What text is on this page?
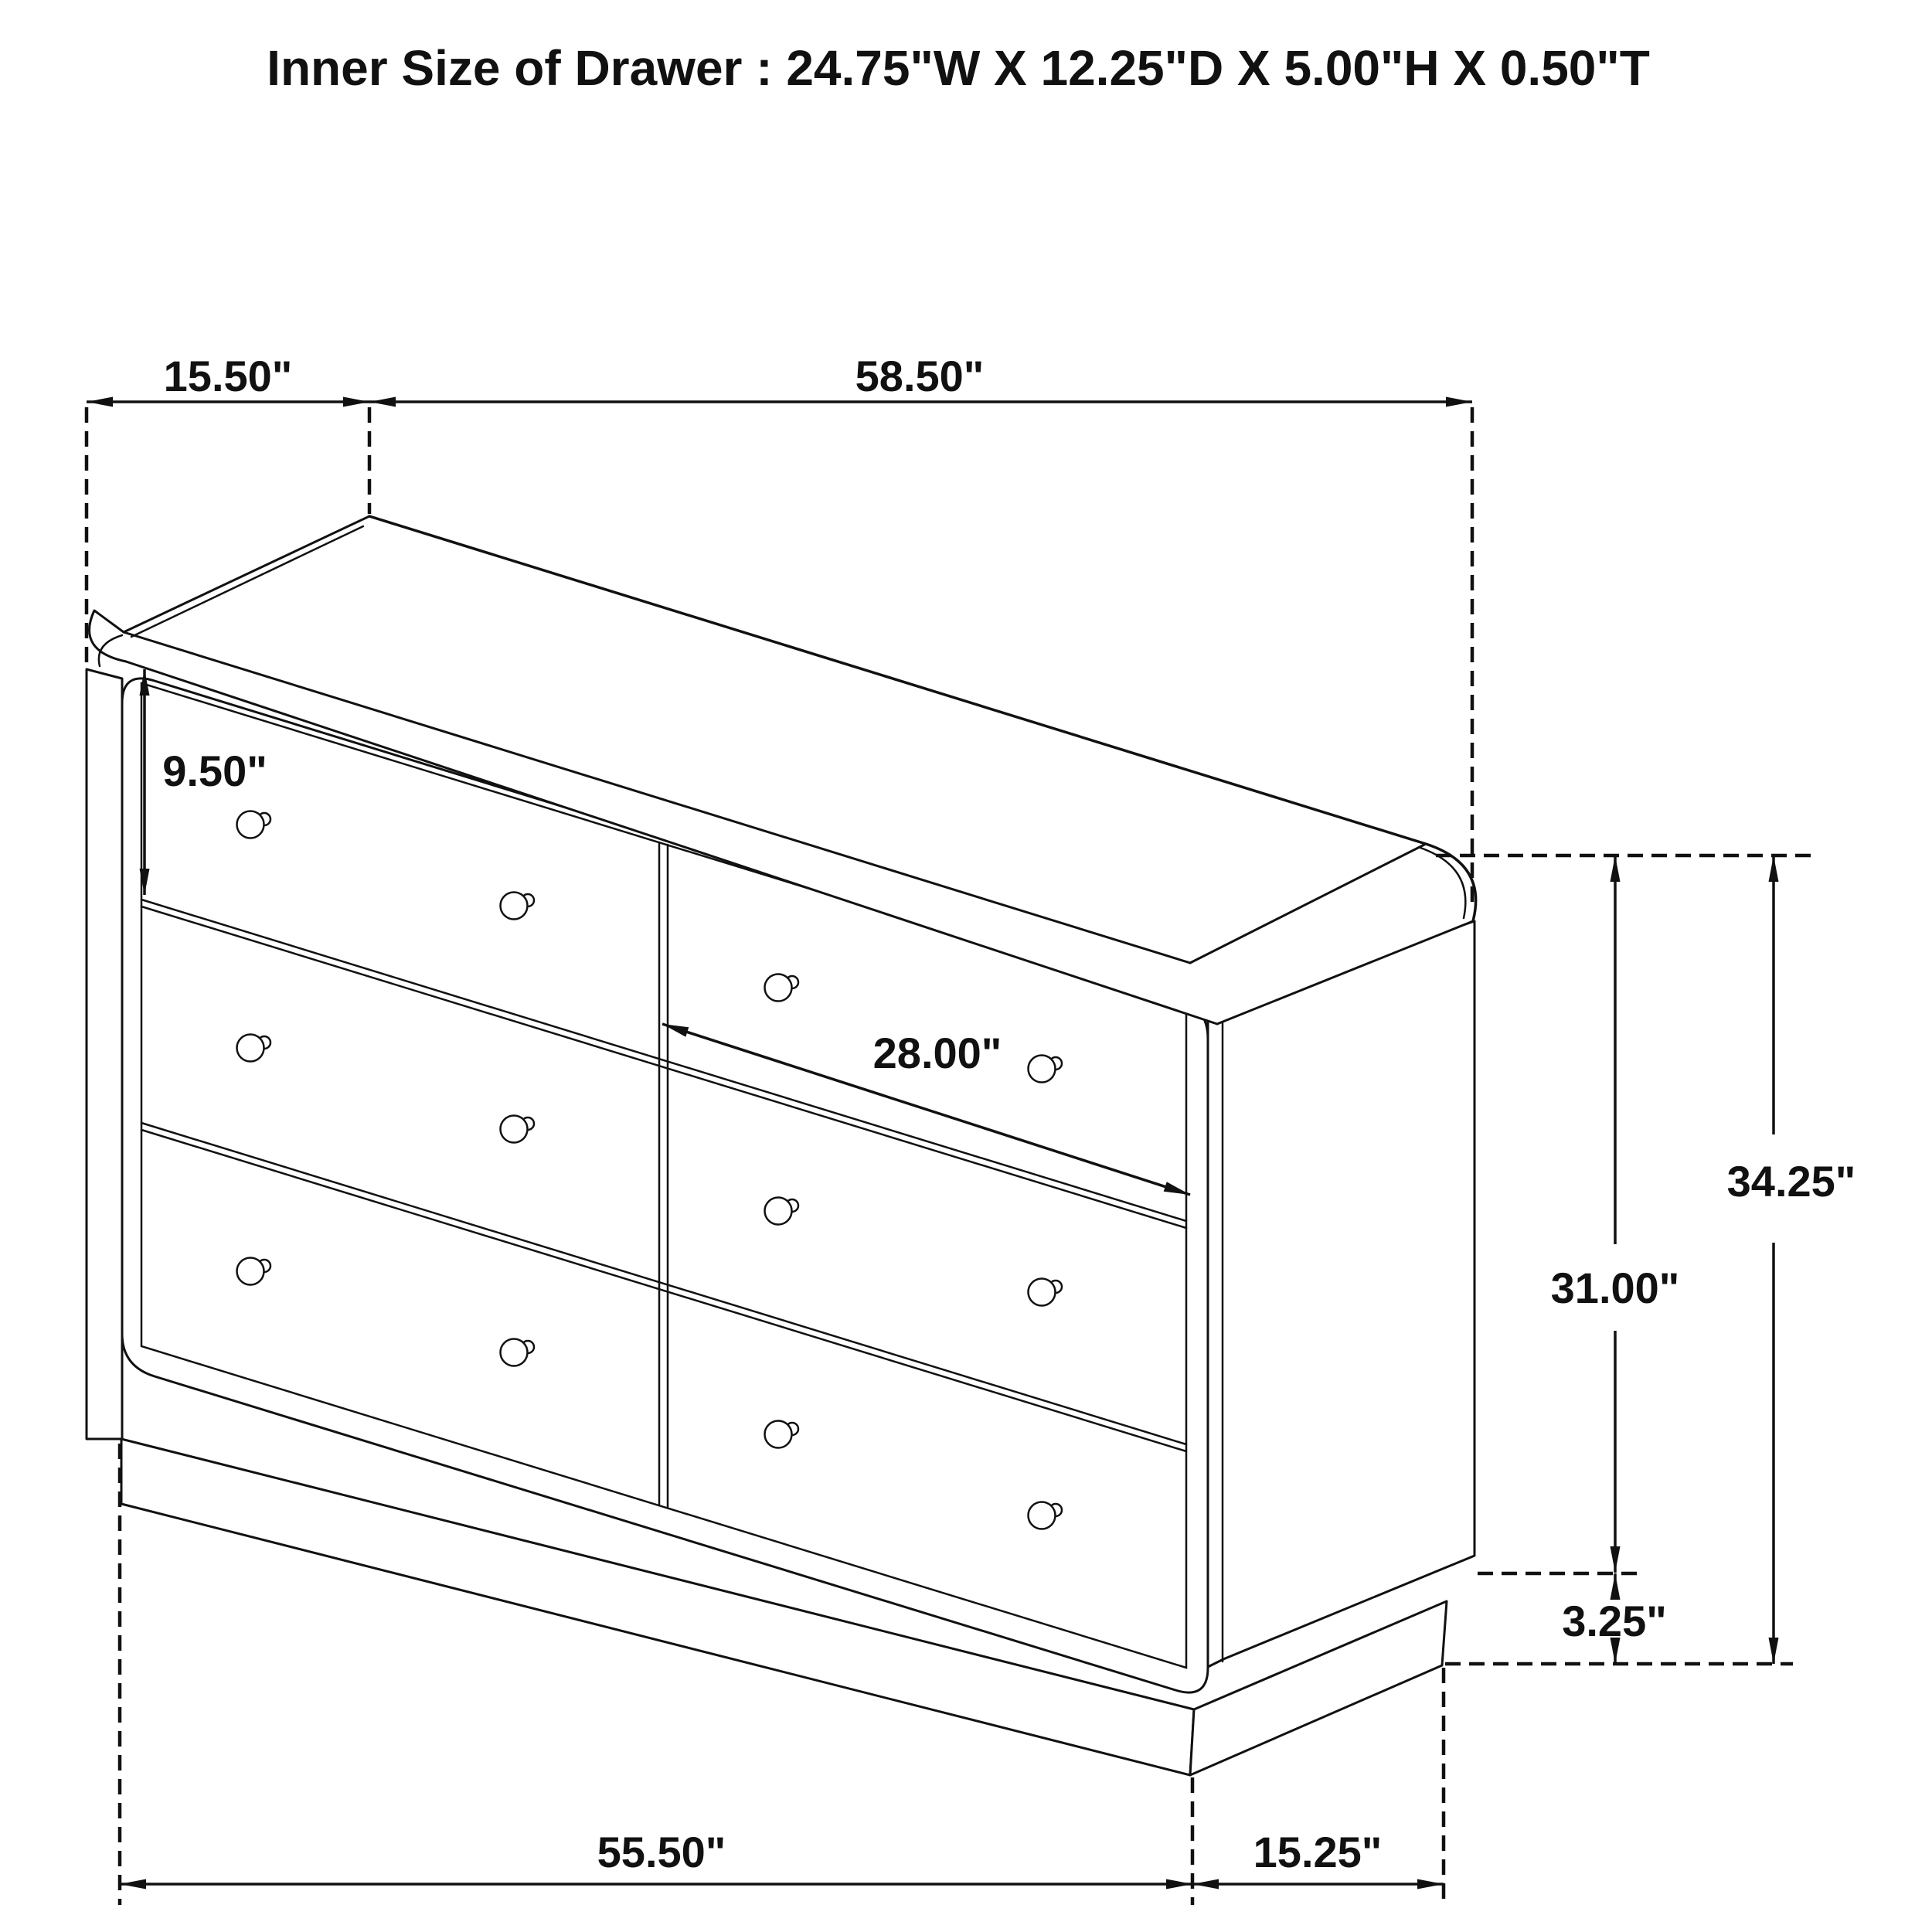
Inner Size of Drawer : 24.75"W X 12.25"D X 5.00"H X 0.50"T
15.50"	58.50"
9.50"
28.00"
31.00"
3.25"
34.25"
55.50"	15.25"
